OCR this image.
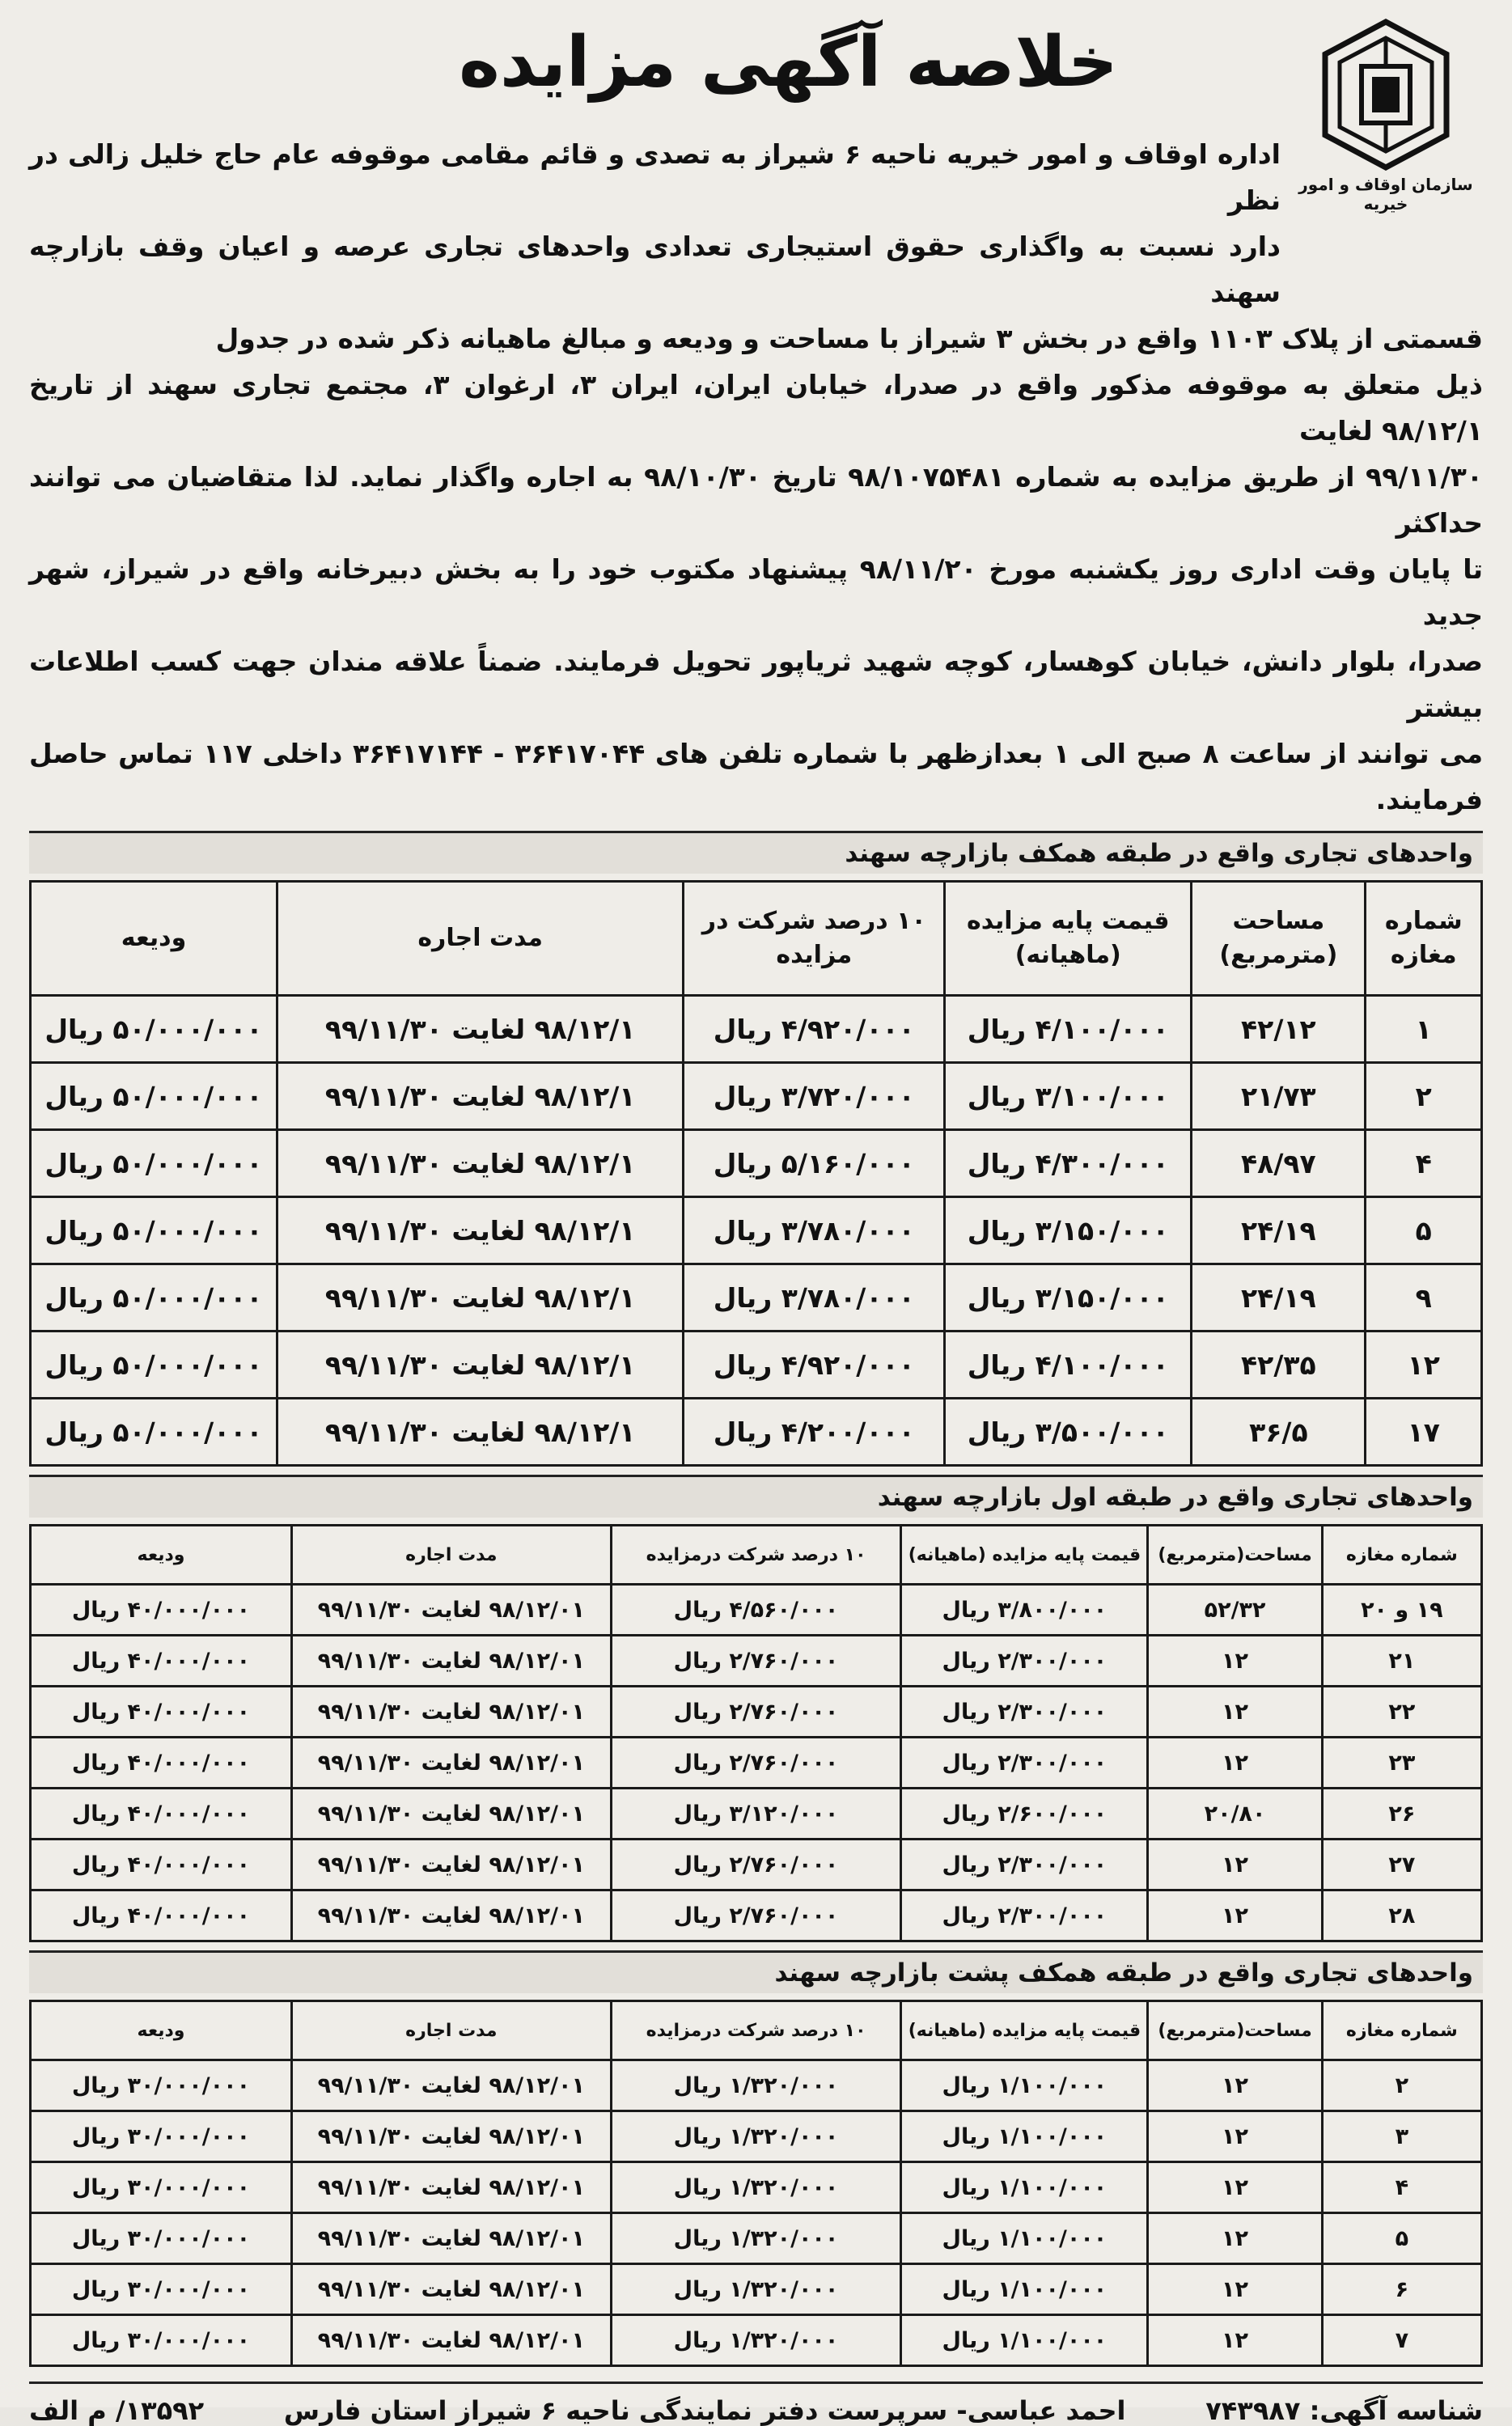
سازمان اوقاف و امور خیریه
خلاصه آگهی مزایده
اداره اوقاف و امور خیریه ناحیه ۶ شیراز به تصدی و قائم مقامی موقوفه عام حاج خلیل زالی در نظر
دارد نسبت به واگذاری حقوق استیجاری تعدادی واحدهای تجاری عرصه و اعیان وقف بازارچه سهند
قسمتی از پلاک ۱۱۰۳ واقع در بخش ۳ شیراز با مساحت و ودیعه و مبالغ ماهیانه ذکر شده در جدول
ذیل متعلق به موقوفه مذکور واقع در صدرا، خیابان ایران، ایران ۳، ارغوان ۳، مجتمع تجاری سهند از تاریخ ۹۸/۱۲/۱ لغایت
۹۹/۱۱/۳۰ از طریق مزایده به شماره ۹۸/۱۰۷۵۴۸۱ تاریخ ۹۸/۱۰/۳۰ به اجاره واگذار نماید. لذا متقاضیان می توانند حداکثر
تا پایان وقت اداری روز یکشنبه مورخ ۹۸/۱۱/۲۰ پیشنهاد مکتوب خود را به بخش دبیرخانه واقع در شیراز، شهر جدید
صدرا، بلوار دانش، خیابان کوهسار، کوچه شهید ثریاپور تحویل فرمایند. ضمناً علاقه مندان جهت کسب اطلاعات بیشتر
می توانند از ساعت ۸ صبح الی ۱ بعدازظهر با شماره تلفن های ۳۶۴۱۷۰۴۴ - ۳۶۴۱۷۱۴۴ داخلی ۱۱۷ تماس حاصل فرمایند.
واحدهای تجاری واقع در طبقه همکف بازارچه سهند
شماره مغازه	مساحت (مترمربع)	قیمت پایه مزایده (ماهیانه)	۱۰ درصد شرکت در مزایده	مدت اجاره	ودیعه
۱	۴۲/۱۲	۴/۱۰۰/۰۰۰ ریال	۴/۹۲۰/۰۰۰ ریال	۹۸/۱۲/۱ لغایت ۹۹/۱۱/۳۰	۵۰/۰۰۰/۰۰۰ ریال
۲	۲۱/۷۳	۳/۱۰۰/۰۰۰ ریال	۳/۷۲۰/۰۰۰ ریال	۹۸/۱۲/۱ لغایت ۹۹/۱۱/۳۰	۵۰/۰۰۰/۰۰۰ ریال
۴	۴۸/۹۷	۴/۳۰۰/۰۰۰ ریال	۵/۱۶۰/۰۰۰ ریال	۹۸/۱۲/۱ لغایت ۹۹/۱۱/۳۰	۵۰/۰۰۰/۰۰۰ ریال
۵	۲۴/۱۹	۳/۱۵۰/۰۰۰ ریال	۳/۷۸۰/۰۰۰ ریال	۹۸/۱۲/۱ لغایت ۹۹/۱۱/۳۰	۵۰/۰۰۰/۰۰۰ ریال
۹	۲۴/۱۹	۳/۱۵۰/۰۰۰ ریال	۳/۷۸۰/۰۰۰ ریال	۹۸/۱۲/۱ لغایت ۹۹/۱۱/۳۰	۵۰/۰۰۰/۰۰۰ ریال
۱۲	۴۲/۳۵	۴/۱۰۰/۰۰۰ ریال	۴/۹۲۰/۰۰۰ ریال	۹۸/۱۲/۱ لغایت ۹۹/۱۱/۳۰	۵۰/۰۰۰/۰۰۰ ریال
۱۷	۳۶/۵	۳/۵۰۰/۰۰۰ ریال	۴/۲۰۰/۰۰۰ ریال	۹۸/۱۲/۱ لغایت ۹۹/۱۱/۳۰	۵۰/۰۰۰/۰۰۰ ریال
واحدهای تجاری واقع در طبقه اول بازارچه سهند
شماره مغازه	مساحت(مترمربع)	قیمت پایه مزایده (ماهیانه)	۱۰ درصد شرکت درمزایده	مدت اجاره	ودیعه
۱۹ و ۲۰	۵۲/۳۲	۳/۸۰۰/۰۰۰ ریال	۴/۵۶۰/۰۰۰ ریال	۹۸/۱۲/۰۱ لغایت ۹۹/۱۱/۳۰	۴۰/۰۰۰/۰۰۰ ریال
۲۱	۱۲	۲/۳۰۰/۰۰۰ ریال	۲/۷۶۰/۰۰۰ ریال	۹۸/۱۲/۰۱ لغایت ۹۹/۱۱/۳۰	۴۰/۰۰۰/۰۰۰ ریال
۲۲	۱۲	۲/۳۰۰/۰۰۰ ریال	۲/۷۶۰/۰۰۰ ریال	۹۸/۱۲/۰۱ لغایت ۹۹/۱۱/۳۰	۴۰/۰۰۰/۰۰۰ ریال
۲۳	۱۲	۲/۳۰۰/۰۰۰ ریال	۲/۷۶۰/۰۰۰ ریال	۹۸/۱۲/۰۱ لغایت ۹۹/۱۱/۳۰	۴۰/۰۰۰/۰۰۰ ریال
۲۶	۲۰/۸۰	۲/۶۰۰/۰۰۰ ریال	۳/۱۲۰/۰۰۰ ریال	۹۸/۱۲/۰۱ لغایت ۹۹/۱۱/۳۰	۴۰/۰۰۰/۰۰۰ ریال
۲۷	۱۲	۲/۳۰۰/۰۰۰ ریال	۲/۷۶۰/۰۰۰ ریال	۹۸/۱۲/۰۱ لغایت ۹۹/۱۱/۳۰	۴۰/۰۰۰/۰۰۰ ریال
۲۸	۱۲	۲/۳۰۰/۰۰۰ ریال	۲/۷۶۰/۰۰۰ ریال	۹۸/۱۲/۰۱ لغایت ۹۹/۱۱/۳۰	۴۰/۰۰۰/۰۰۰ ریال
واحدهای تجاری واقع در طبقه همکف پشت بازارچه سهند
شماره مغازه	مساحت(مترمربع)	قیمت پایه مزایده (ماهیانه)	۱۰ درصد شرکت درمزایده	مدت اجاره	ودیعه
۲	۱۲	۱/۱۰۰/۰۰۰ ریال	۱/۳۲۰/۰۰۰ ریال	۹۸/۱۲/۰۱ لغایت ۹۹/۱۱/۳۰	۳۰/۰۰۰/۰۰۰ ریال
۳	۱۲	۱/۱۰۰/۰۰۰ ریال	۱/۳۲۰/۰۰۰ ریال	۹۸/۱۲/۰۱ لغایت ۹۹/۱۱/۳۰	۳۰/۰۰۰/۰۰۰ ریال
۴	۱۲	۱/۱۰۰/۰۰۰ ریال	۱/۳۲۰/۰۰۰ ریال	۹۸/۱۲/۰۱ لغایت ۹۹/۱۱/۳۰	۳۰/۰۰۰/۰۰۰ ریال
۵	۱۲	۱/۱۰۰/۰۰۰ ریال	۱/۳۲۰/۰۰۰ ریال	۹۸/۱۲/۰۱ لغایت ۹۹/۱۱/۳۰	۳۰/۰۰۰/۰۰۰ ریال
۶	۱۲	۱/۱۰۰/۰۰۰ ریال	۱/۳۲۰/۰۰۰ ریال	۹۸/۱۲/۰۱ لغایت ۹۹/۱۱/۳۰	۳۰/۰۰۰/۰۰۰ ریال
۷	۱۲	۱/۱۰۰/۰۰۰ ریال	۱/۳۲۰/۰۰۰ ریال	۹۸/۱۲/۰۱ لغایت ۹۹/۱۱/۳۰	۳۰/۰۰۰/۰۰۰ ریال
شناسه آگهی: ۷۴۳۹۸۷
احمد عباسی- سرپرست دفتر نمایندگی ناحیه ۶ شیراز استان فارس
۱۳۵۹۲/ م الف
